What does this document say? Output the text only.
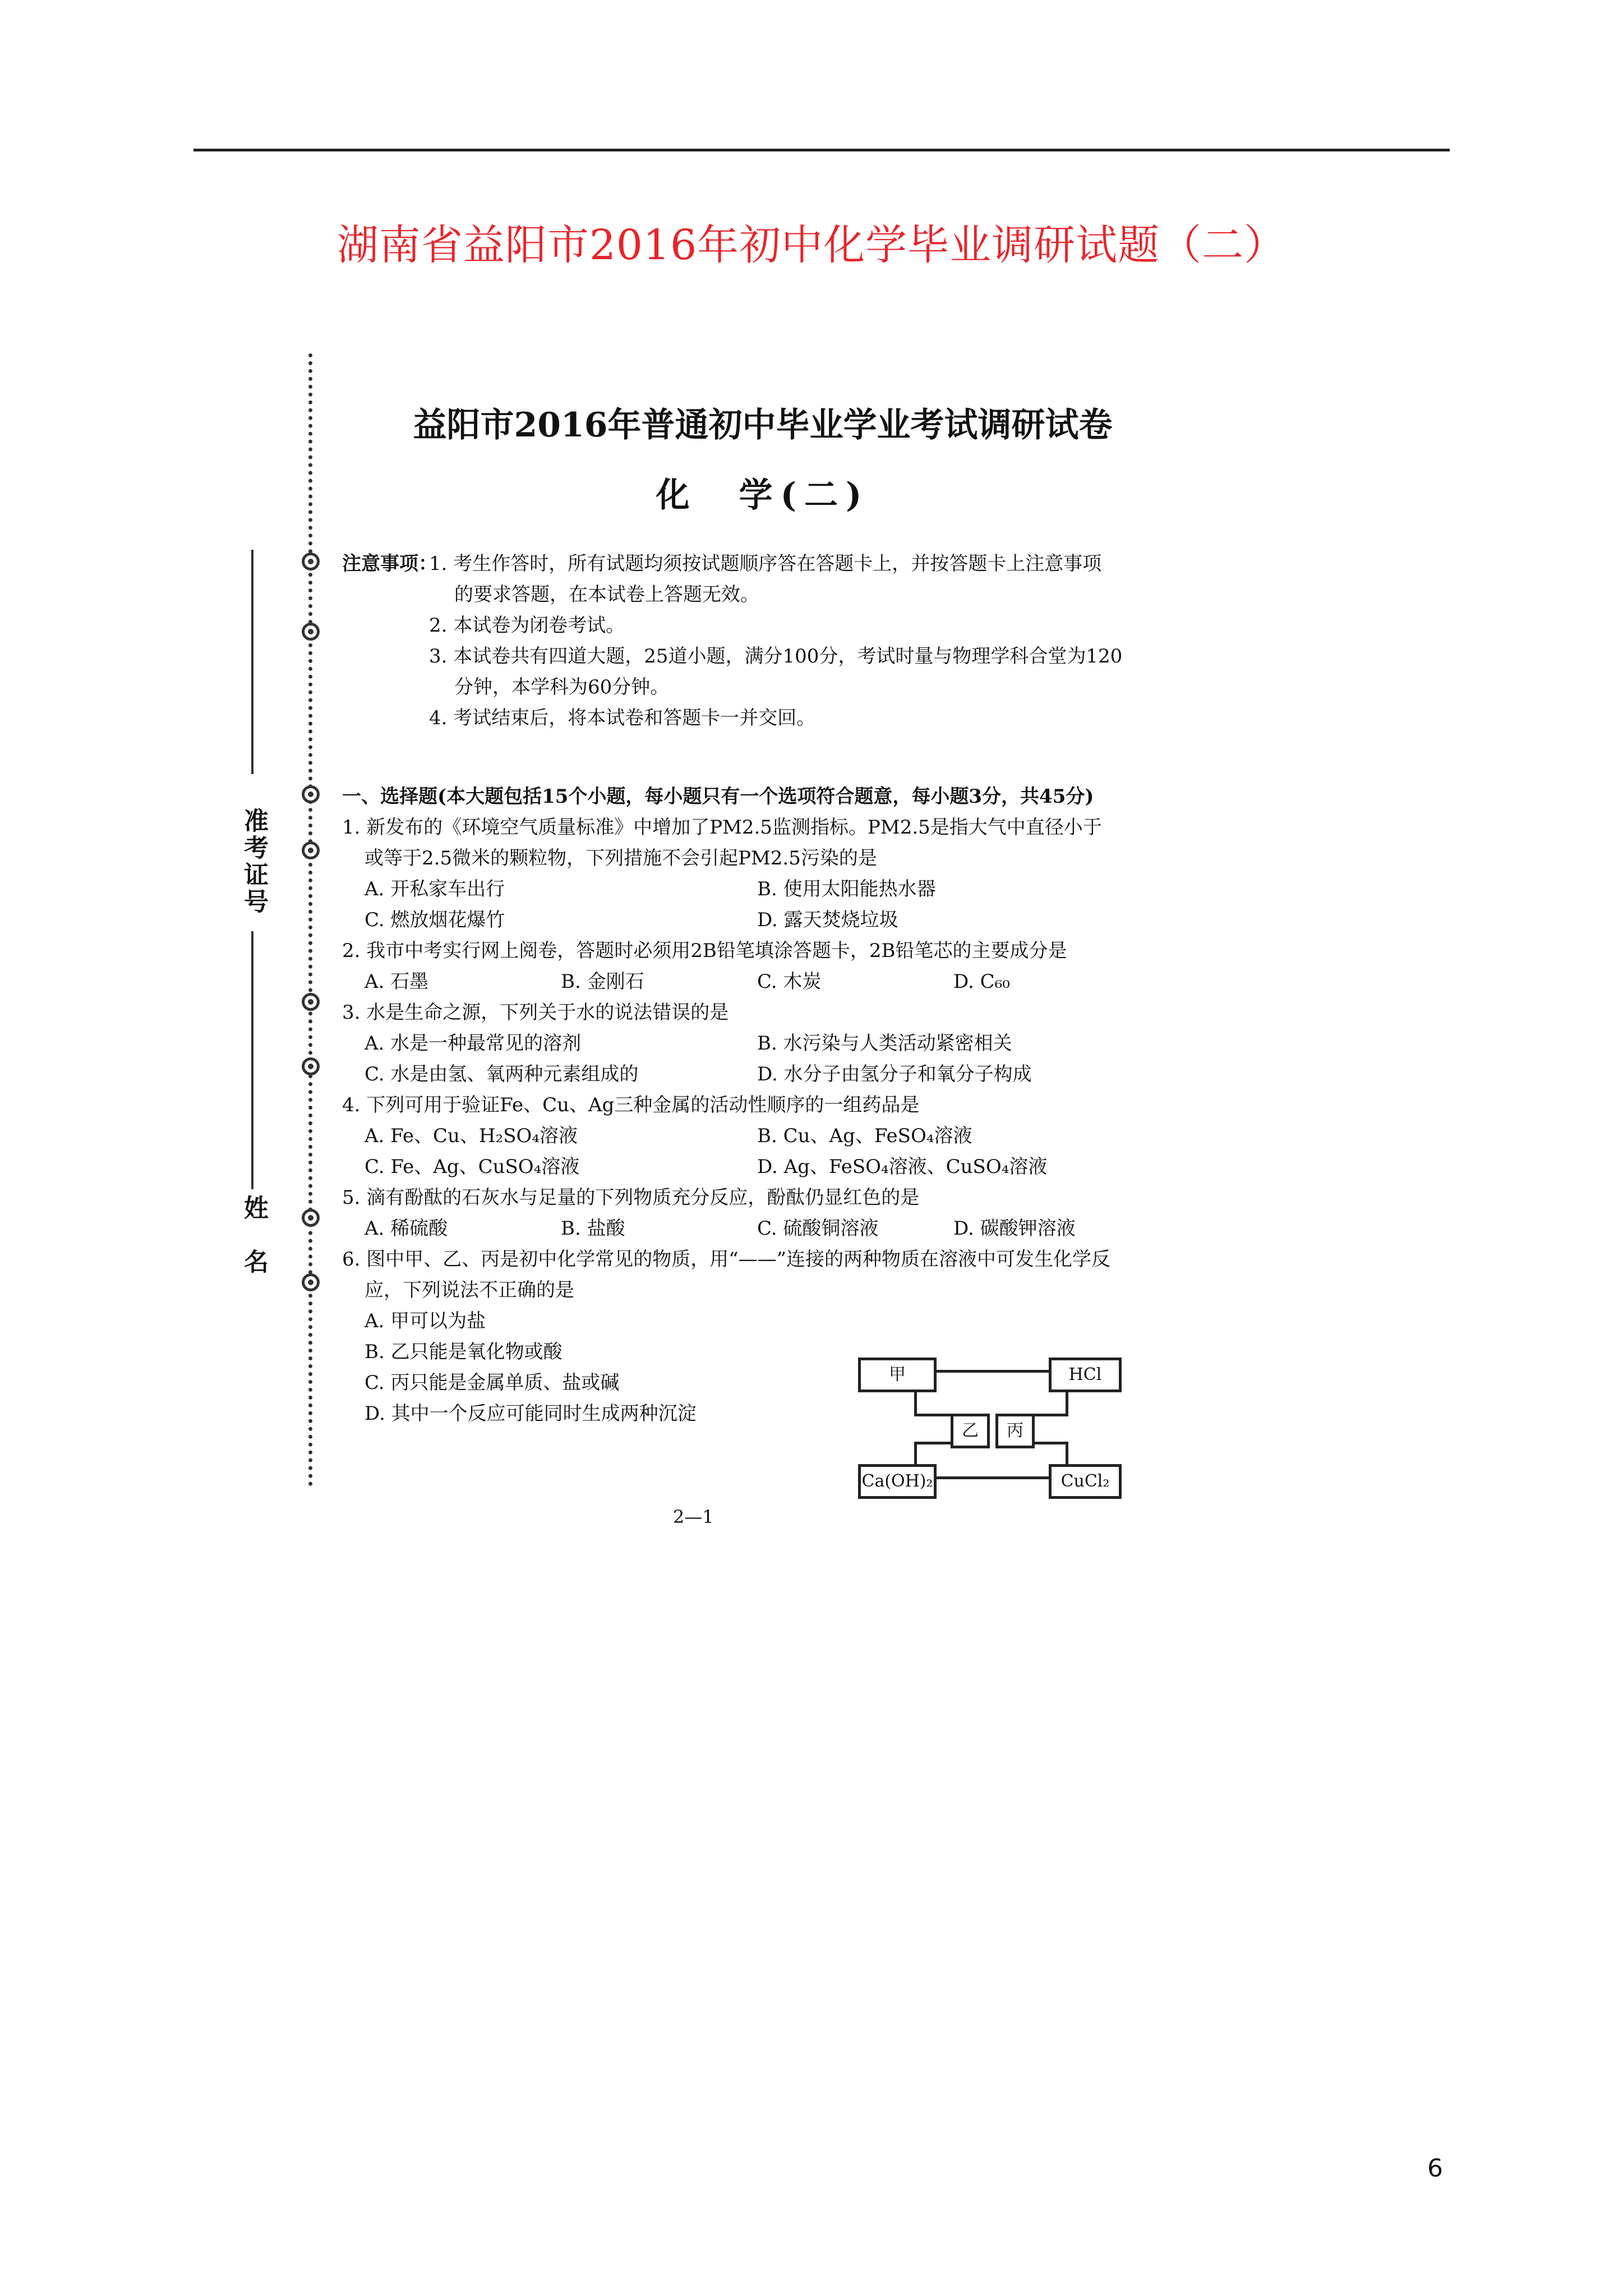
湖南省益阳市2016年初中化学毕业调研试题（二）
准考证号
姓　名
益阳市2016年普通初中毕业学业考试调研试卷
化　学(二)
注意事项：
1. 考生作答时，所有试题均须按试题顺序答在答题卡上，并按答题卡上注意事项
的要求答题，在本试卷上答题无效。
2. 本试卷为闭卷考试。
3. 本试卷共有四道大题，25道小题，满分100分，考试时量与物理学科合堂为120
分钟，本学科为60分钟。
4. 考试结束后，将本试卷和答题卡一并交回。
一、选择题(本大题包括15个小题，每小题只有一个选项符合题意，每小题3分，共45分)
1. 新发布的《环境空气质量标准》中增加了PM2.5监测指标。PM2.5是指大气中直径小于
或等于2.5微米的颗粒物，下列措施不会引起PM2.5污染的是
A. 开私家车出行	B. 使用太阳能热水器
C. 燃放烟花爆竹	D. 露天焚烧垃圾
2. 我市中考实行网上阅卷，答题时必须用2B铅笔填涂答题卡，2B铅笔芯的主要成分是
A. 石墨	B. 金刚石	C. 木炭	D. C₆₀
3. 水是生命之源，下列关于水的说法错误的是
A. 水是一种最常见的溶剂	B. 水污染与人类活动紧密相关
C. 水是由氢、氧两种元素组成的	D. 水分子由氢分子和氧分子构成
4. 下列可用于验证Fe、Cu、Ag三种金属的活动性顺序的一组药品是
A. Fe、Cu、H₂SO₄溶液	B. Cu、Ag、FeSO₄溶液
C. Fe、Ag、CuSO₄溶液	D. Ag、FeSO₄溶液、CuSO₄溶液
5. 滴有酚酞的石灰水与足量的下列物质充分反应，酚酞仍显红色的是
A. 稀硫酸	B. 盐酸	C. 硫酸铜溶液	D. 碳酸钾溶液
6. 图中甲、乙、丙是初中化学常见的物质，用“——”连接的两种物质在溶液中可发生化学反
应，下列说法不正确的是
A. 甲可以为盐
B. 乙只能是氧化物或酸
C. 丙只能是金属单质、盐或碱
D. 其中一个反应可能同时生成两种沉淀
甲	HCl
乙	丙
Ca(OH)₂	CuCl₂
2—1
6
